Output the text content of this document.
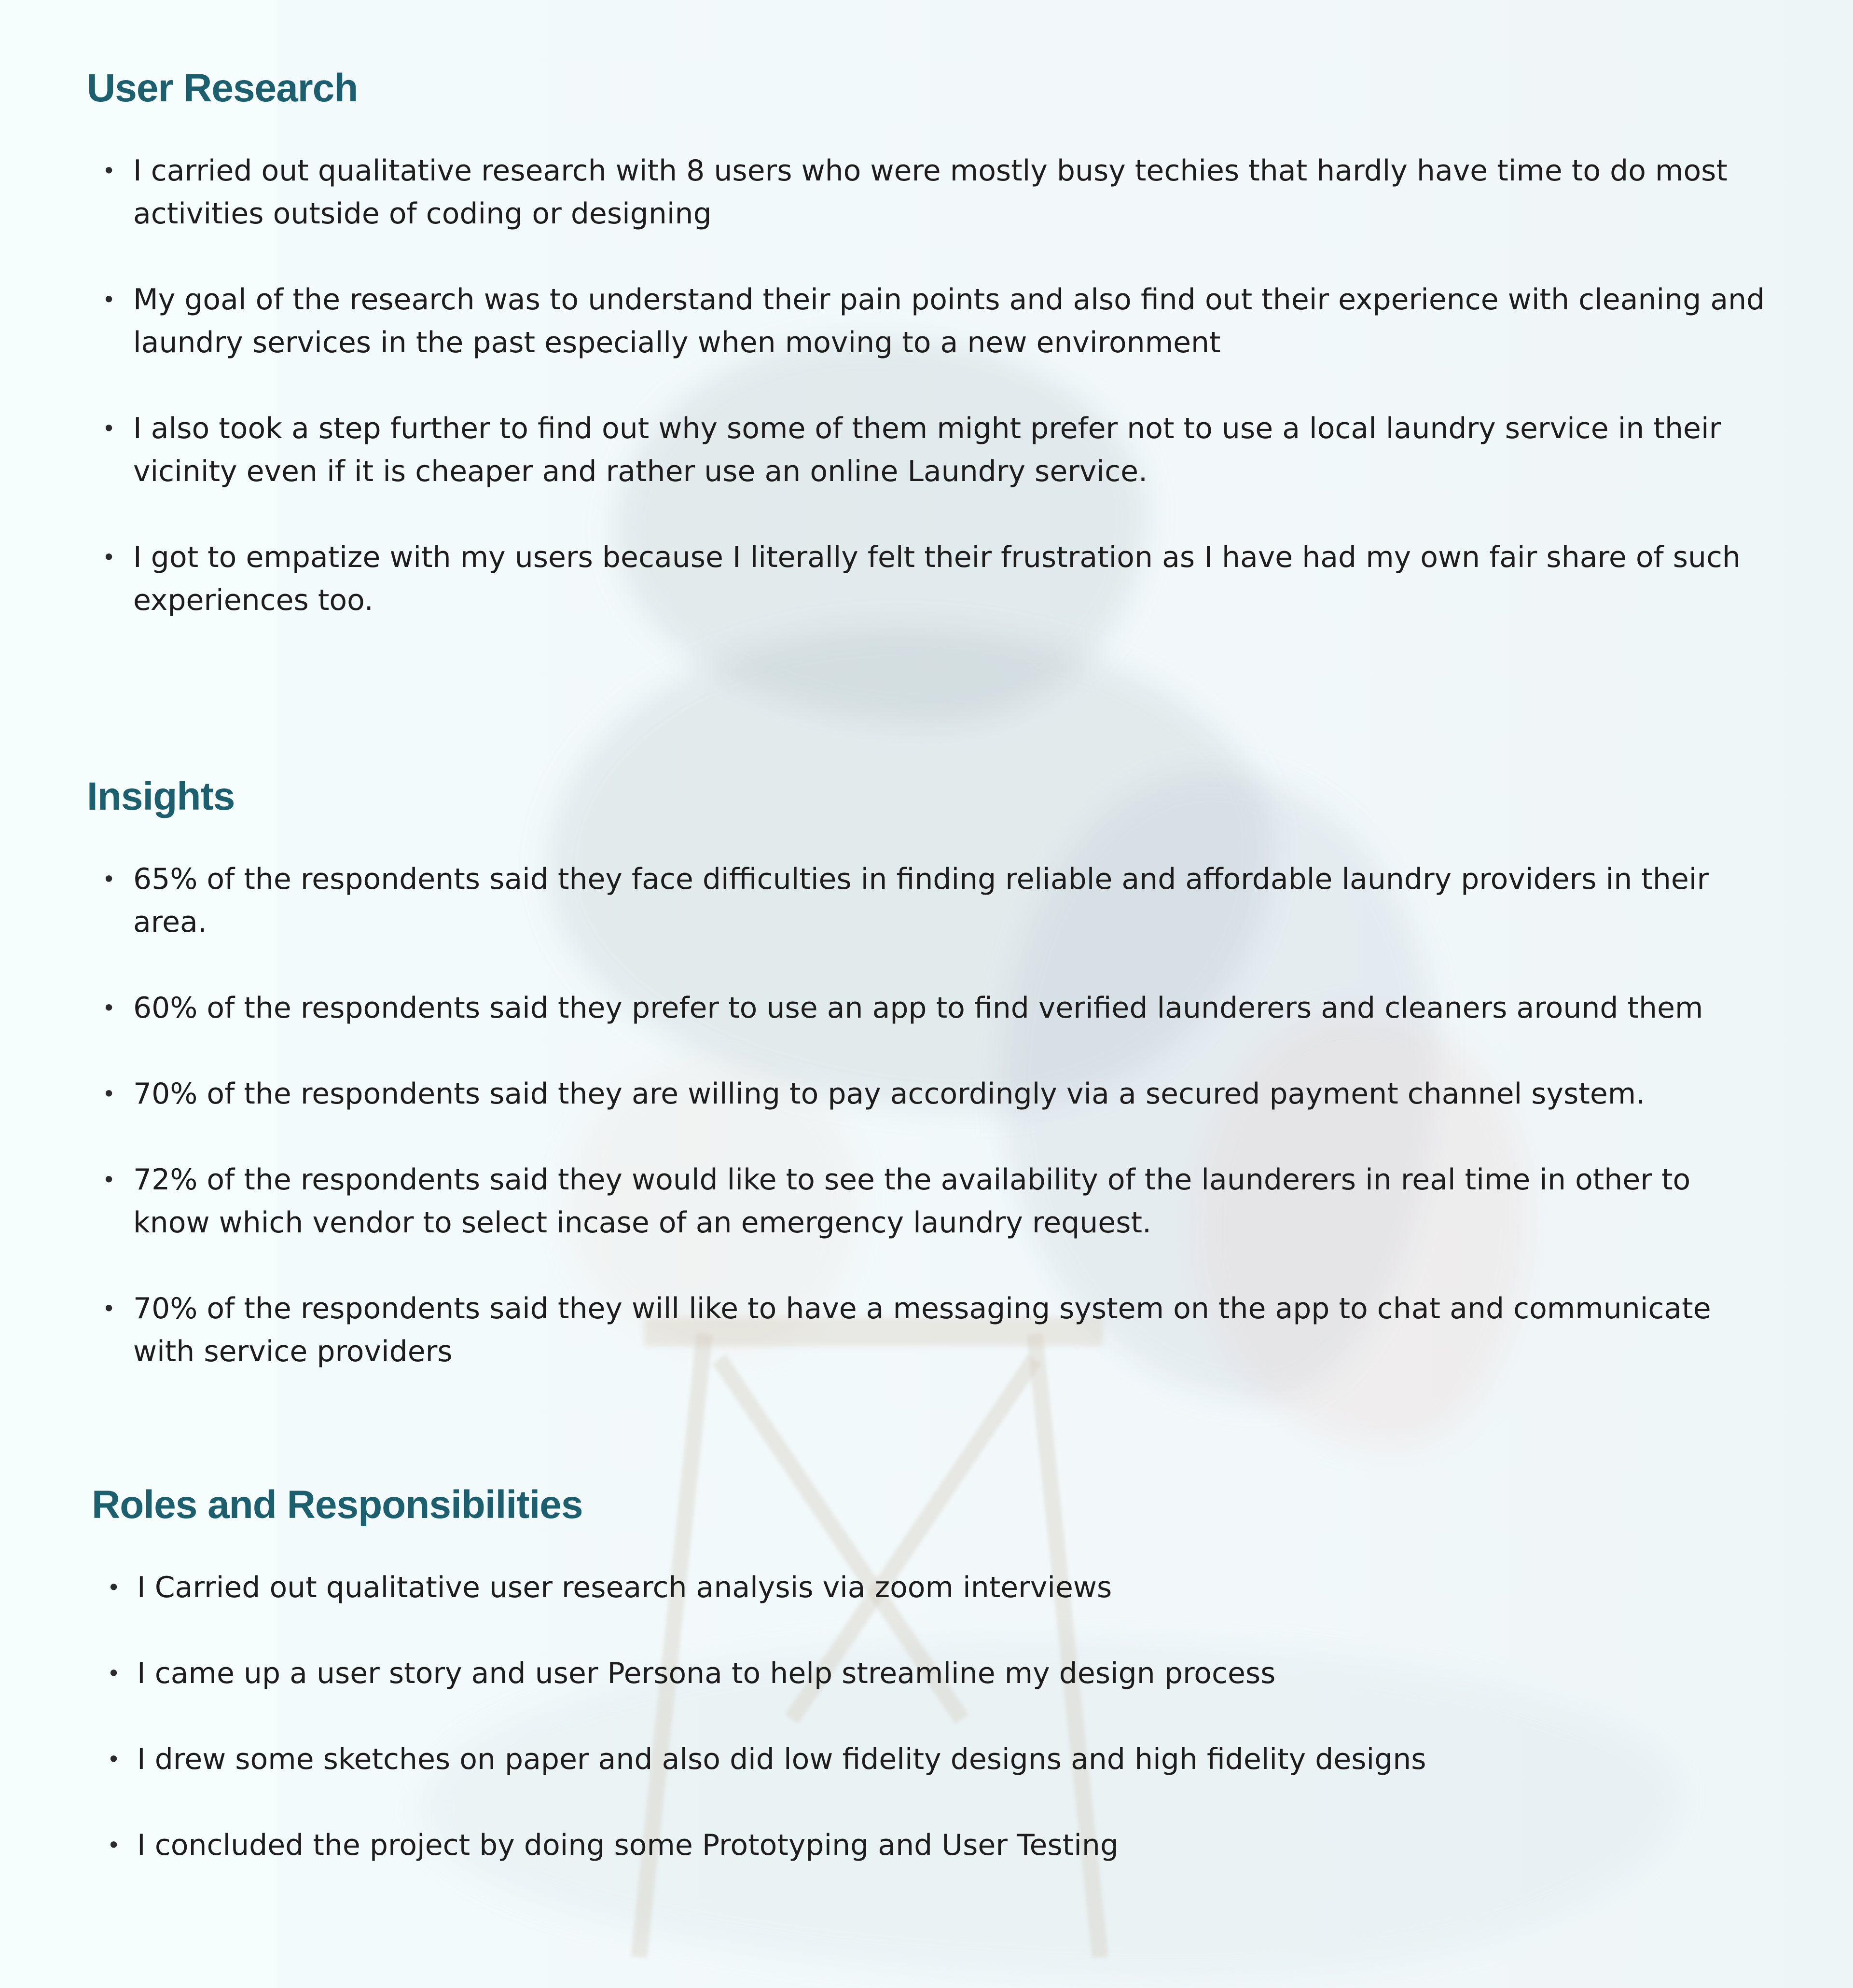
User Research
• I carried out qualitative research with 8 users who were mostly busy techies that hardly have time to do most activities outside of coding or designing
• My goal of the research was to understand their pain points and also find out their experience with cleaning and laundry services in the past especially when moving to a new environment
• I also took a step further to find out why some of them might prefer not to use a local laundry service in their vicinity even if it is cheaper and rather use an online Laundry service.
• I got to empatize with my users because I literally felt their frustration as I have had my own fair share of such experiences too.
Insights
• 65% of the respondents said they face difficulties in finding reliable and affordable laundry providers in their area.
• 60% of the respondents said they prefer to use an app to find verified launderers and cleaners around them
• 70% of the respondents said they are willing to pay accordingly via a secured payment channel system.
• 72% of the respondents said they would like to see the availability of the launderers in real time in other to know which vendor to select incase of an emergency laundry request.
• 70% of the respondents said they will like to have a messaging system on the app to chat and communicate with service providers
Roles and Responsibilities
• I Carried out qualitative user research analysis via zoom interviews
• I came up a user story and user Persona to help streamline my design process
• I drew some sketches on paper and also did low fidelity designs and high fidelity designs
• I concluded the project by doing some Prototyping and User Testing
